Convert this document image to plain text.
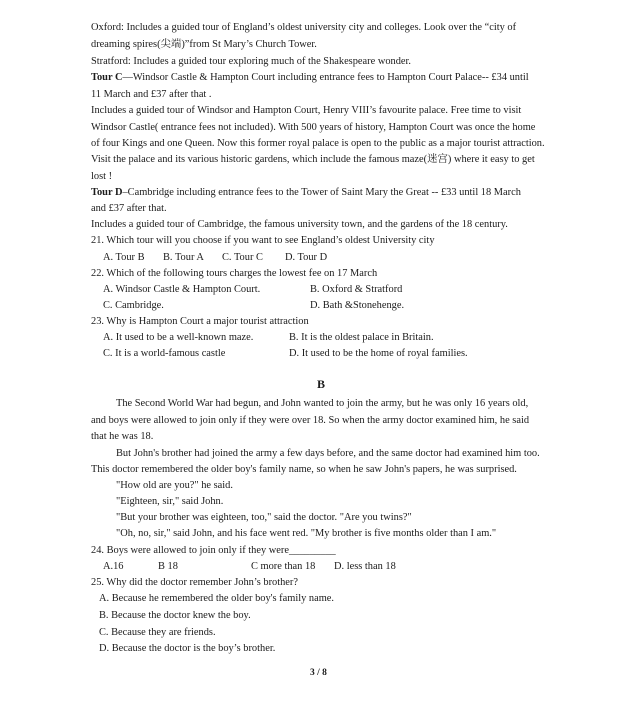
Oxford: Includes a guided tour of England’s oldest university city and colleges. Look over the “city of
dreaming spires(尖端)”from St Mary’s Church Tower.
Stratford: Includes a guided tour exploring much of the Shakespeare wonder.
Tour C—Windsor Castle & Hampton Court including entrance fees to Hampton Court Palace-- £34 until
11 March and £37 after that .
Includes a guided tour of Windsor and Hampton Court, Henry VIII’s favourite palace. Free time to visit
Windsor Castle( entrance fees not included). With 500 years of history, Hampton Court was once the home
of four Kings and one Queen. Now this former royal palace is open to the public as a major tourist attraction.
Visit the palace and its various historic gardens, which include the famous maze(迷宫) where it easy to get
lost !
Tour D–Cambridge including entrance fees to the Tower of Saint Mary the Great -- £33 until 18 March
and £37 after that.
Includes a guided tour of Cambridge, the famous university town, and the gardens of the 18 century.
21. Which tour will you choose if you want to see England’s oldest University city
A. Tour B B. Tour A C. Tour C D. Tour D
22. Which of the following tours charges the lowest fee on 17 March
A. Windsor Castle & Hampton Court.	B. Oxford & Stratford
C. Cambridge.	D. Bath &Stonehenge.
23. Why is Hampton Court a major tourist attraction
A. It used to be a well-known maze.	B. It is the oldest palace in Britain.
C. It is a world-famous castle	D. It used to be the home of royal families.
B
The Second World War had begun, and John wanted to join the army, but he was only 16 years old,
and boys were allowed to join only if they were over 18. So when the army doctor examined him, he said
that he was 18.
But John's brother had joined the army a few days before, and the same doctor had examined him too.
This doctor remembered the older boy's family name, so when he saw John's papers, he was surprised.
"How old are you?" he said.
"Eighteen, sir," said John.
"But your brother was eighteen, too," said the doctor. "Are you twins?"
"Oh, no, sir," said John, and his face went red. "My brother is five months older than I am."
24. Boys were allowed to join only if they were_________
A.16	B 18	C more than 18 D. less than 18
25. Why did the doctor remember John’s brother?
A. Because he remembered the older boy's family name.
B. Because the doctor knew the boy.
C. Because they are friends.
D. Because the doctor is the boy’s brother.
3 / 8
